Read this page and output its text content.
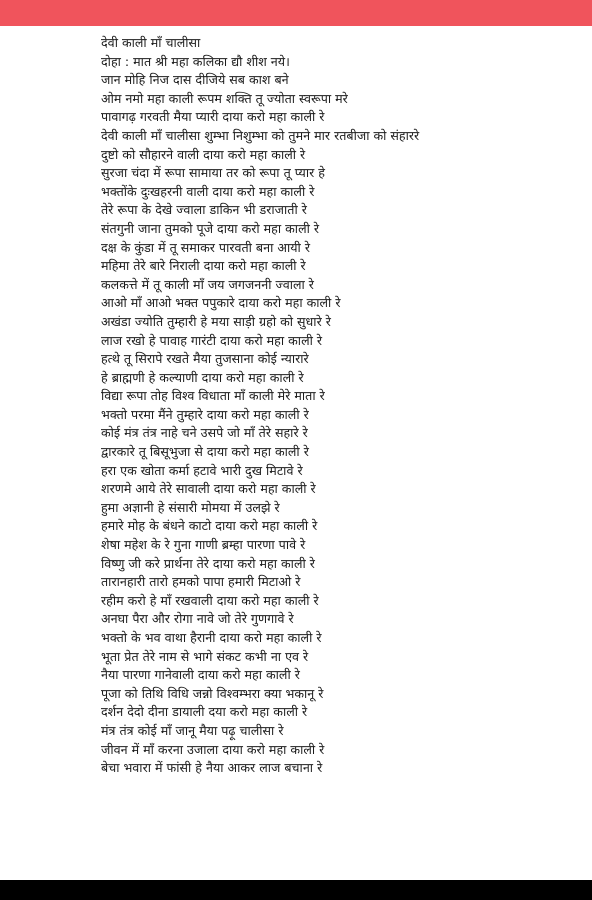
देवी काली माँ चालीसा
दोहा : मात श्री महा कलिका द्यौ शीश नये।
जान मोहि निज दास दीजिये सब काश बने
ओम नमो महा काली रूपम शक्ति तू ज्योता स्वरूपा मरे
पावागढ़ गरवती मैया प्यारी दाया करो महा काली रे
देवी काली माँ चालीसा शुम्भा निशुम्भा को तुमने मार रतबीजा को संहाररे
दुष्टो को सौहारने वाली दाया करो महा काली रे
सुरजा चंदा में रूपा सामाया तर को रूपा तू प्यार हे
भक्तोंके दुःखहरनी वाली दाया करो महा काली रे
तेरे रूपा के देखे ज्वाला डाकिन भी डराजाती रे
संतगुनी जाना तुमको पूजे दाया करो महा काली रे
दक्ष के कुंडा में तू समाकर पारवती बना आयी रे
महिमा तेरे बारे निराली दाया करो महा काली रे
कलकत्ते में तू काली माँ जय जगजननी ज्वाला रे
आओ माँ आओ भक्त पपुकारे दाया करो महा काली रे
अखंडा ज्योति तुम्हारी हे मया साड़ी ग्रहो को सुधारे रे
लाज रखो हे पावाह गारंटी दाया करो महा काली रे
हत्थे तू सिरापे रखते मैया तुजसाना कोई न्यारारे
हे ब्राह्मणी हे कल्याणी दाया करो महा काली रे
विद्या रूपा तोह विश्व विधाता माँ काली मेरे माता रे
भक्तो परमा मैंने तुम्हारे दाया करो महा काली रे
कोई मंत्र तंत्र नाहे चने उसपे जो माँ तेरे सहारे रे
द्वारकारे तू बिसूभुजा से दाया करो महा काली रे
हरा एक खोता कर्मा हटावे भारी दुख मिटावे रे
शरणमे आये तेरे सावाली दाया करो महा काली रे
हुमा अज्ञानी हे संसारी मोमया में उलझे रे
हमारे मोह के बंधने काटो दाया करो महा काली रे
शेषा महेश के रे गुना गाणी ब्रम्हा पारणा पावे रे
विष्णु जी करे प्रार्थना तेरे दाया करो महा काली रे
तारानहारी तारो हमको पापा हमारी मिटाओ रे
रहीम करो हे माँ रखवाली दाया करो महा काली रे
अनघा पैरा और रोगा नावे जो तेरे गुणगावे रे
भक्तो के भव वाथा हैरानी दाया करो महा काली रे
भूता प्रेत तेरे नाम से भागे संकट कभी ना एव रे
नैया पारणा गानेवाली दाया करो महा काली रे
पूजा को तिथि विधि जन्नो विश्वम्भरा क्या भकानू रे
दर्शन देदो दीना डायाली दया करो महा काली रे
मंत्र तंत्र कोई माँ जानू मैया पढ़ू चालीसा रे
जीवन में माँ करना उजाला दाया करो महा काली रे
बेचा भवारा में फांसी हे नैया आकर लाज बचाना रे
